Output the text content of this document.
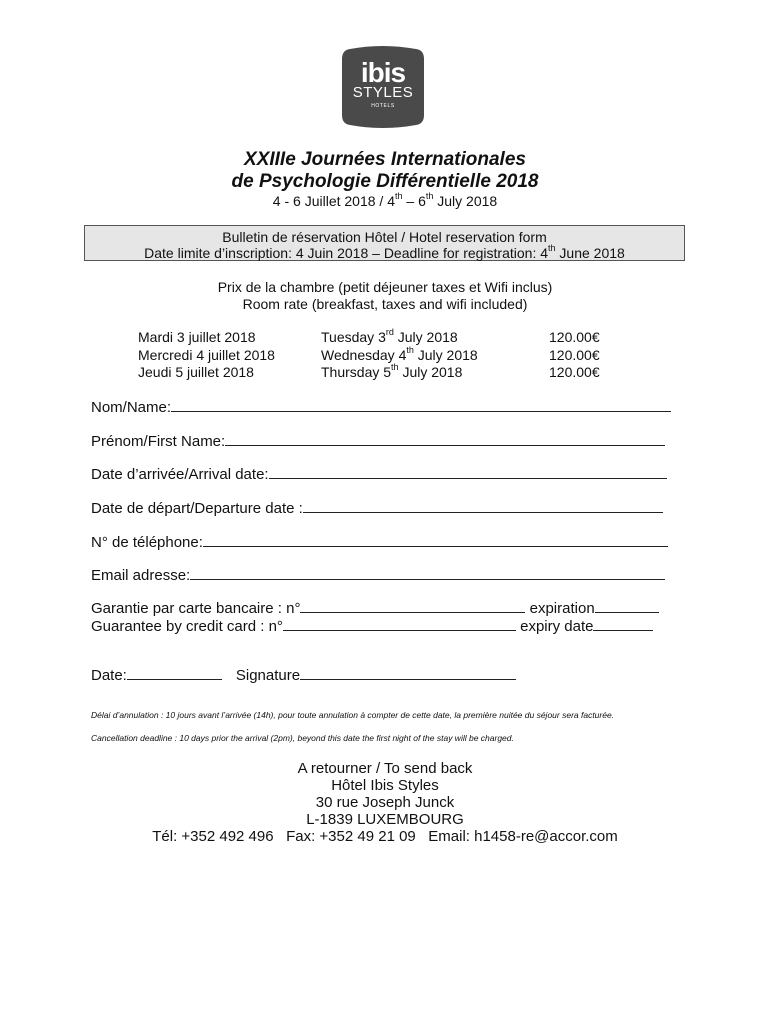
ibis
STYLES
HOTELS
XXIIIe Journées Internationales
de Psychologie Différentielle 2018
4 - 6 Juillet 2018 / 4th – 6th July 2018
Bulletin de réservation Hôtel / Hotel reservation form
Date limite d’inscription: 4 Juin 2018 – Deadline for registration: 4th June 2018
Prix de la chambre (petit déjeuner taxes et Wifi inclus)
Room rate (breakfast, taxes and wifi included)
Mardi 3 juillet 2018	Tuesday 3rd July 2018	120.00€
Mercredi 4 juillet 2018	Wednesday 4th July 2018	120.00€
Jeudi 5 juillet 2018	Thursday 5th July 2018	120.00€
Nom/Name:
Prénom/First Name:
Date d’arrivée/Arrival date:
Date de départ/Departure date :
N° de téléphone:
Email adresse:
Garantie par carte bancaire : n°	expiration
Guarantee by credit card : n°	expiry date
Date:	Signature
Délai d’annulation : 10 jours avant l’arrivée (14h), pour toute annulation à compter de cette date, la première nuitée du séjour sera facturée.
Cancellation deadline : 10 days prior the arrival (2pm), beyond this date the first night of the stay will be charged.
A retourner / To send back
Hôtel Ibis Styles
30 rue Joseph Junck
L-1839 LUXEMBOURG
Tél: +352 492 496   Fax: +352 49 21 09   Email: h1458-re@accor.com
